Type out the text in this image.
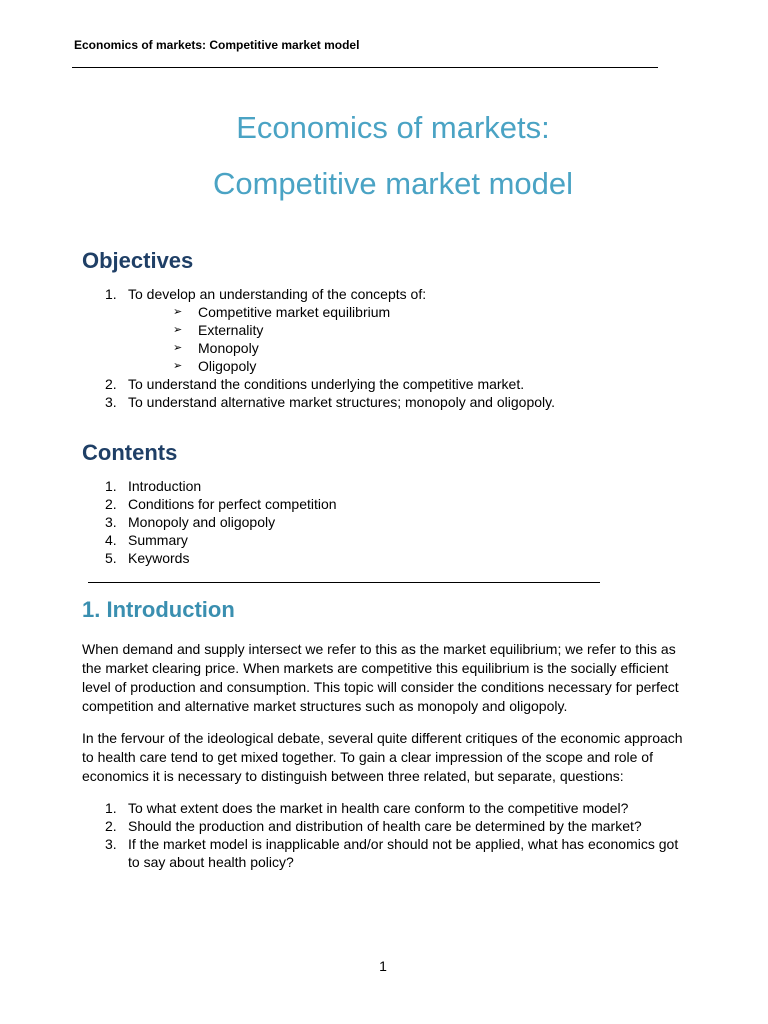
Economics of markets: Competitive market model
Economics of markets:
Competitive market model
Objectives
1. To develop an understanding of the concepts of:
➢ Competitive market equilibrium
➢ Externality
➢ Monopoly
➢ Oligopoly
2. To understand the conditions underlying the competitive market.
3. To understand alternative market structures; monopoly and oligopoly.
Contents
1. Introduction
2. Conditions for perfect competition
3. Monopoly and oligopoly
4. Summary
5. Keywords
1. Introduction

When demand and supply intersect we refer to this as the market equilibrium; we refer to this as the market clearing price. When markets are competitive this equilibrium is the socially efficient level of production and consumption. This topic will consider the conditions necessary for perfect competition and alternative market structures such as monopoly and oligopoly.

In the fervour of the ideological debate, several quite different critiques of the economic approach to health care tend to get mixed together. To gain a clear impression of the scope and role of economics it is necessary to distinguish between three related, but separate, questions:

1. To what extent does the market in health care conform to the competitive model?
2. Should the production and distribution of health care be determined by the market?
3. If the market model is inapplicable and/or should not be applied, what has economics got to say about health policy?
1
